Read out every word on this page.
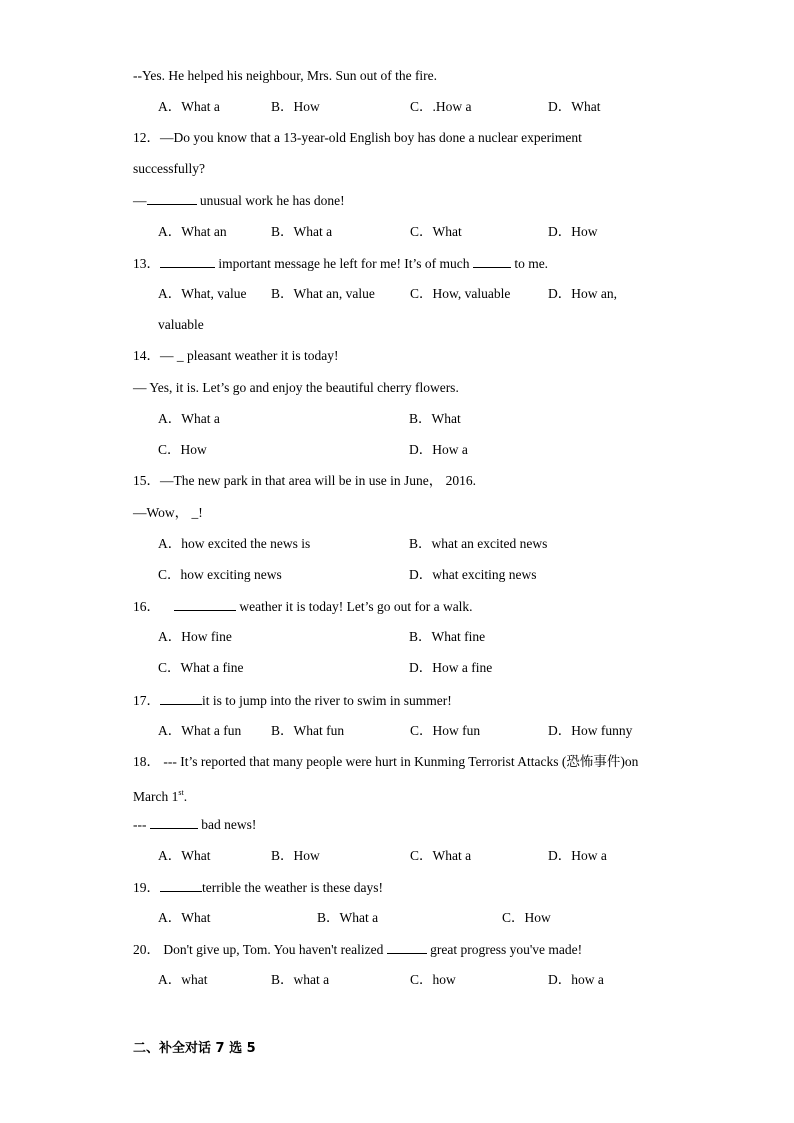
--Yes. He helped his neighbour, Mrs. Sun out of the fire.
A．What a	B．How	C．.How a	D．What
12．—Do you know that a 13-year-old English boy has done a nuclear experiment
successfully?
—	unusual work he has done!
A．What an	B．What a	C．What	D．How
13．	important message he left for me! It’s of much	to me.
A．What, value B．What an, value	C．How, valuable	D．How an,
valuable
14．— _ pleasant weather it is today!
— Yes, it is. Let’s go and enjoy the beautiful cherry flowers.
A．What a	B．What
C．How	D．How a
15．—The new park in that area will be in use in June， 2016.
—Wow， _!
A．how excited the news is	B．what an excited news
C．how exciting news	D．what exciting news
16．	weather it is today! Let’s go out for a walk.
A．How fine	B．What fine
C．What a fine	D．How a fine
17．	it is to jump into the river to swim in summer!
A．What a fun B．What fun	C．How fun	D．How funny
18． --- It’s reported that many people were hurt in Kunming Terrorist Attacks (恐怖事件)on
March 1st.
---	bad news!
A．What	B．How	C．What a	D．How a
19．	terrible the weather is these days!
A．What	B．What a	C．How
20． Don't give up, Tom. You haven't realized	great progress you've made!
A．what	B．what a	C．how	D．how a
二、补全对话 7 选 5
